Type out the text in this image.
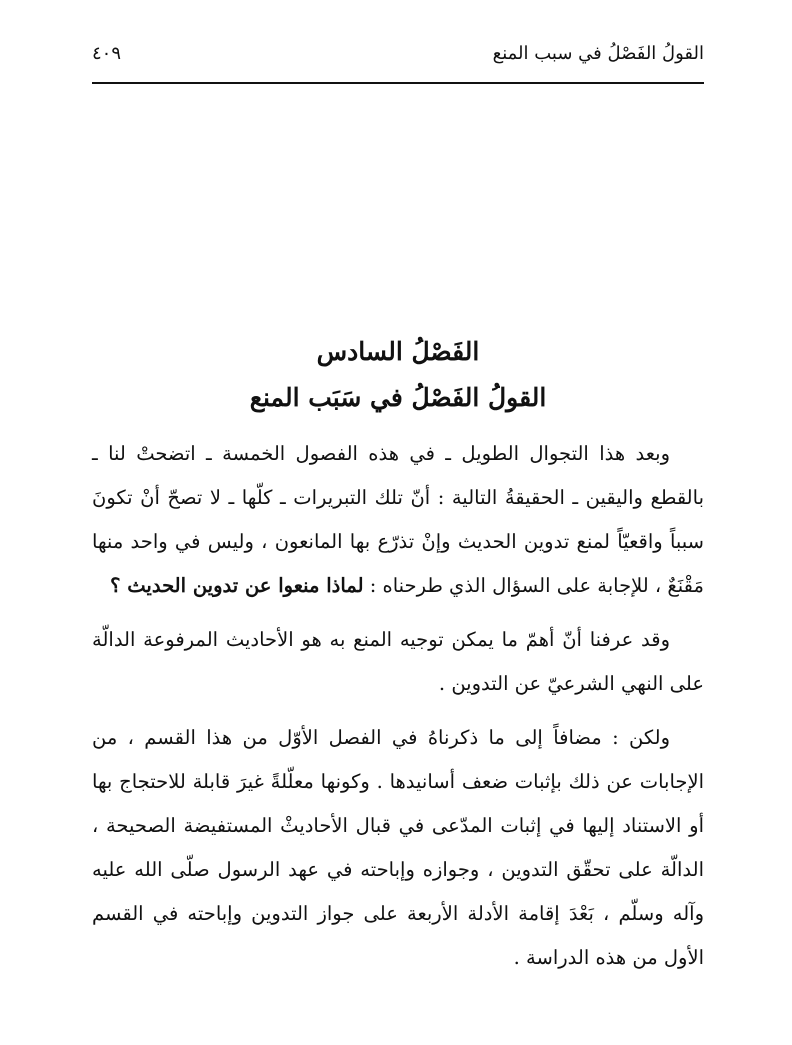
القولُ الفَصْلُ في سبب المنع
٤٠٩
الفَصْلُ السادس
القولُ الفَصْلُ في سَبَب المنع

وبعد هذا التجوال الطويل ـ في هذه الفصول الخمسة ـ اتضحتْ لنا ـ بالقطع واليقين ـ الحقيقةُ التالية : أنّ تلك التبريرات ـ كلّها ـ لا تصحّ أنْ تكونَ سبباً واقعيّاً لمنع تدوين الحديث وإنْ تذرّع بها المانعون ، وليس في واحد منها مَقْنَعٌ ، للإجابة على السؤال الذي طرحناه : لماذا منعوا عن تدوين الحديث ؟

وقد عرفنا أنّ أهمّ ما يمكن توجيه المنع به هو الأحاديث المرفوعة الدالّة على النهي الشرعيّ عن التدوين .

ولكن : مضافاً إلى ما ذكرناهُ في الفصل الأوّل من هذا القسم ، من الإجابات عن ذلك بإثبات ضعف أسانيدها . وكونها معلّلةً غيرَ قابلة للاحتجاج بها أو الاستناد إليها في إثبات المدّعى في قبال الأحاديثْ المستفيضة الصحيحة ، الدالّة على تحقّق التدوين ، وجوازه وإباحته في عهد الرسول صلّى الله عليه وآله وسلّم ، بَعْدَ إقامة الأدلة الأربعة على جواز التدوين وإباحته في القسم الأول من هذه الدراسة .
